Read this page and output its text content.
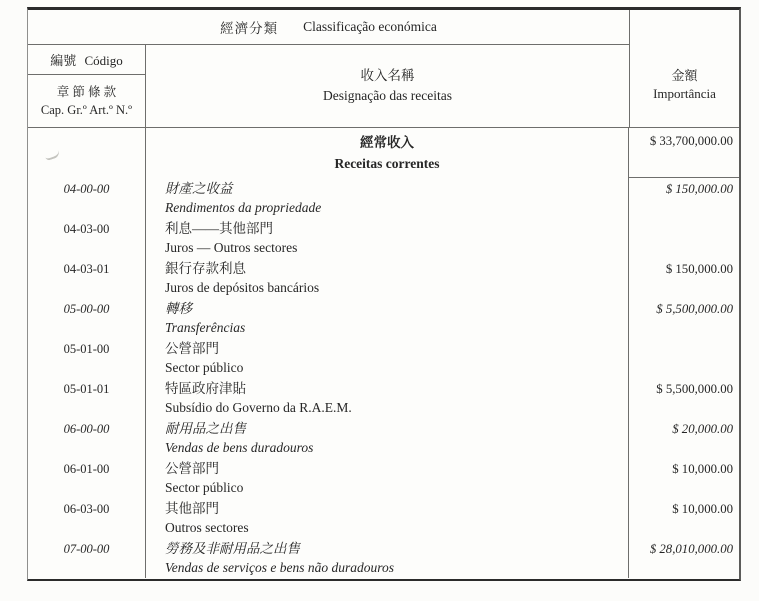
經濟分類 Classificação económica
編號 Código
章 節 條 款
Cap. Gr.º Art.º N.º
收入名稱
Designação das receitas
金額
Importância
經常收入
Receitas correntes
$ 33,700,000.00
04-00-00	財產之收益
Rendimentos da propriedade
$ 150,000.00
04-03-00	利息——其他部門
Juros — Outros sectores
04-03-01	銀行存款利息
Juros de depósitos bancários
$ 150,000.00
05-00-00	轉移
Transferências
$ 5,500,000.00
05-01-00	公營部門
Sector público
05-01-01	特區政府津貼
Subsídio do Governo da R.A.E.M.
$ 5,500,000.00
06-00-00	耐用品之出售
Vendas de bens duradouros
$ 20,000.00
06-01-00	公營部門
Sector público
$ 10,000.00
06-03-00	其他部門
Outros sectores
$ 10,000.00
07-00-00	勞務及非耐用品之出售
Vendas de serviços e bens não duradouros
$ 28,010,000.00
